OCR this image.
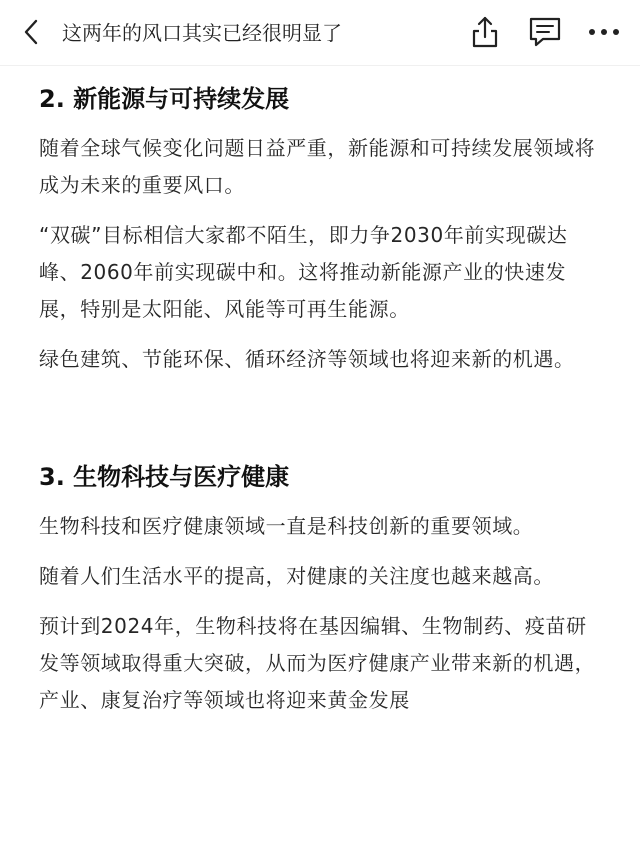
这两年的风口其实已经很明显了
2. 新能源与可持续发展

随着全球气候变化问题日益严重，新能源和可持续发展领域将成为未来的重要风口。

“双碳”目标相信大家都不陌生，即力争2030年前实现碳达峰、2060年前实现碳中和。这将推动新能源产业的快速发展，特别是太阳能、风能等可再生能源。

绿色建筑、节能环保、循环经济等领域也将迎来新的机遇。

3. 生物科技与医疗健康

生物科技和医疗健康领域一直是科技创新的重要领域。

随着人们生活水平的提高，对健康的关注度也越来越高。

预计到2024年，生物科技将在基因编辑、生物制药、疫苗研发等领域取得重大突破，从而为医疗健康产业带来新的机遇，产业、康复治疗等领域也将迎来黄金发展
